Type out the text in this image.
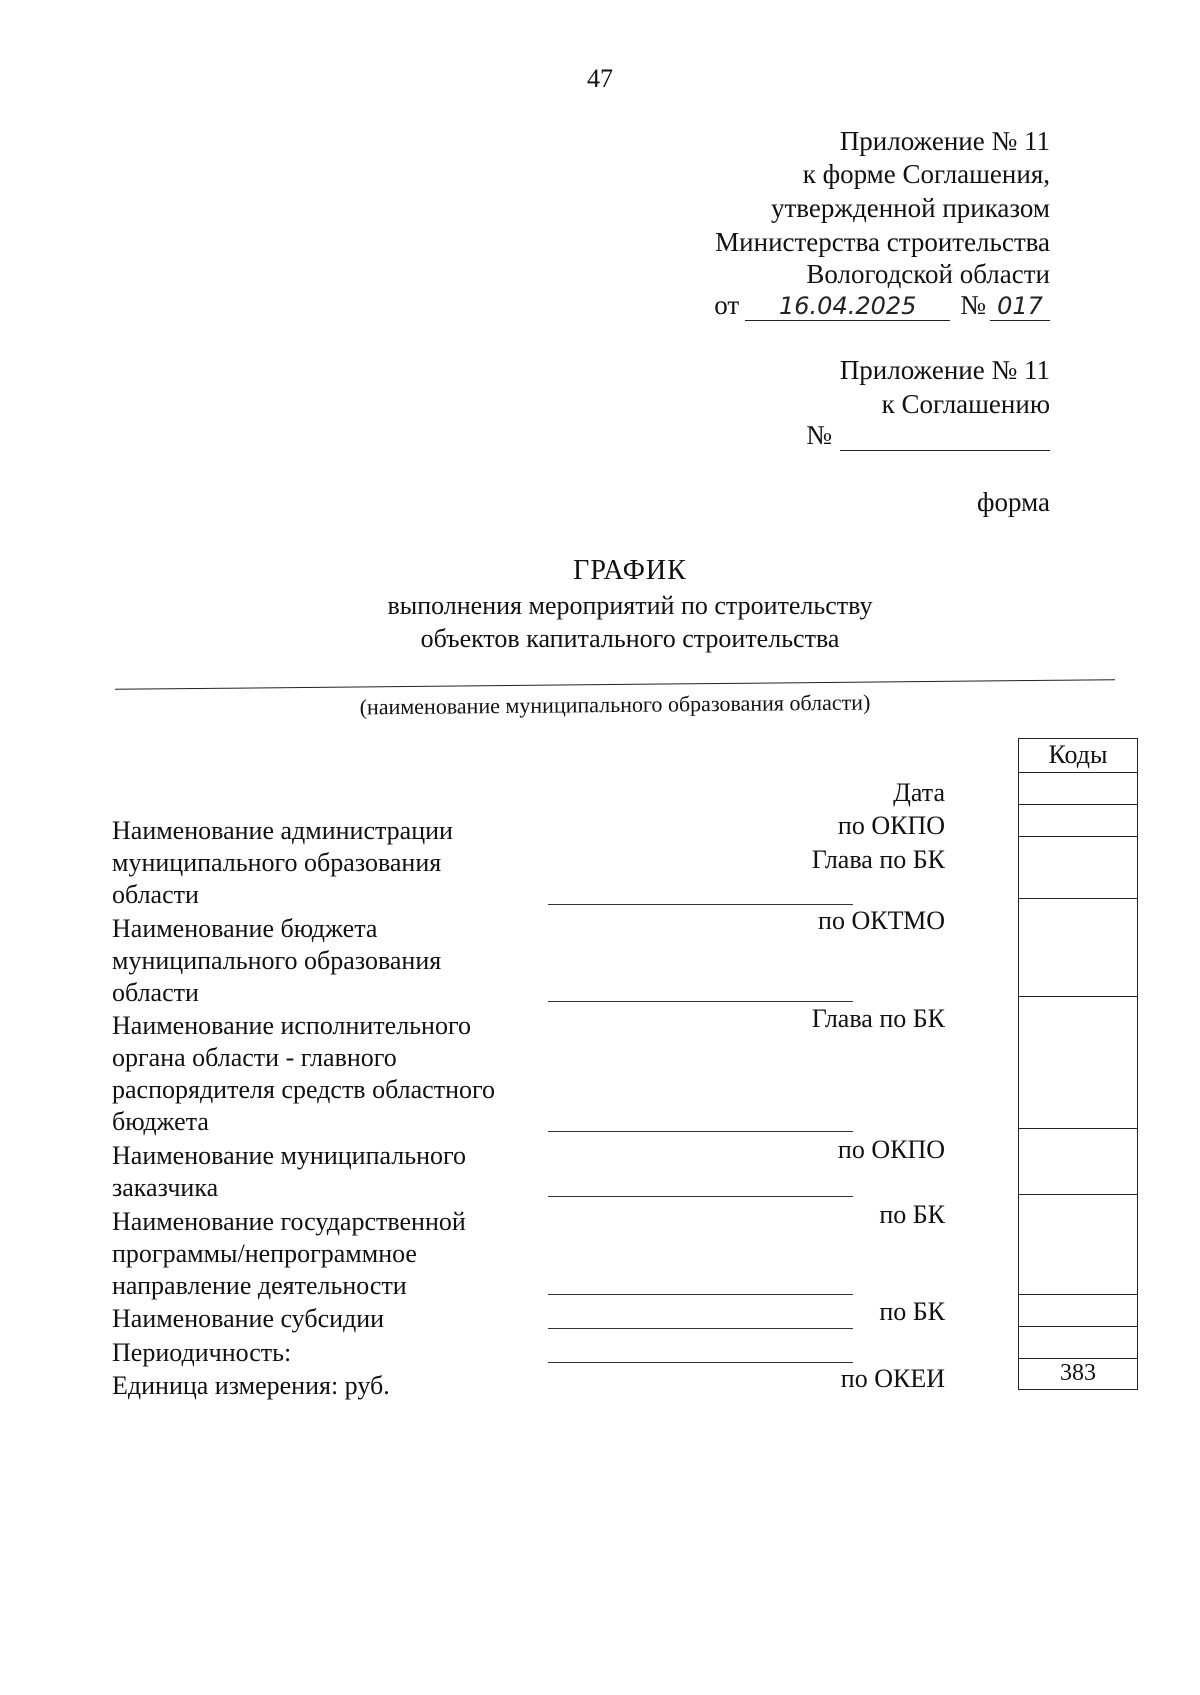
47
Приложение № 11
к форме Соглашения,
утвержденной приказом
Министерства строительства
Вологодской области
от	16.04.2025	№ 017
Приложение № 11
к Соглашению
№
форма
ГРАФИК
выполнения мероприятий по строительству
объектов капитального строительства
(наименование муниципального образования области)
Наименование администрации муниципального образования области
Наименование бюджета муниципального образования области
Наименование исполнительного органа области - главного распорядителя средств областного бюджета
Наименование муниципального заказчика
Наименование государственной программы/непрограммное направление деятельности
Наименование субсидии
Периодичность:
Единица измерения: руб.
Дата
по ОКПО
Глава по БК
по ОКТМО
Глава по БК
по ОКПО
по БК
по БК
по ОКЕИ
Коды
383
